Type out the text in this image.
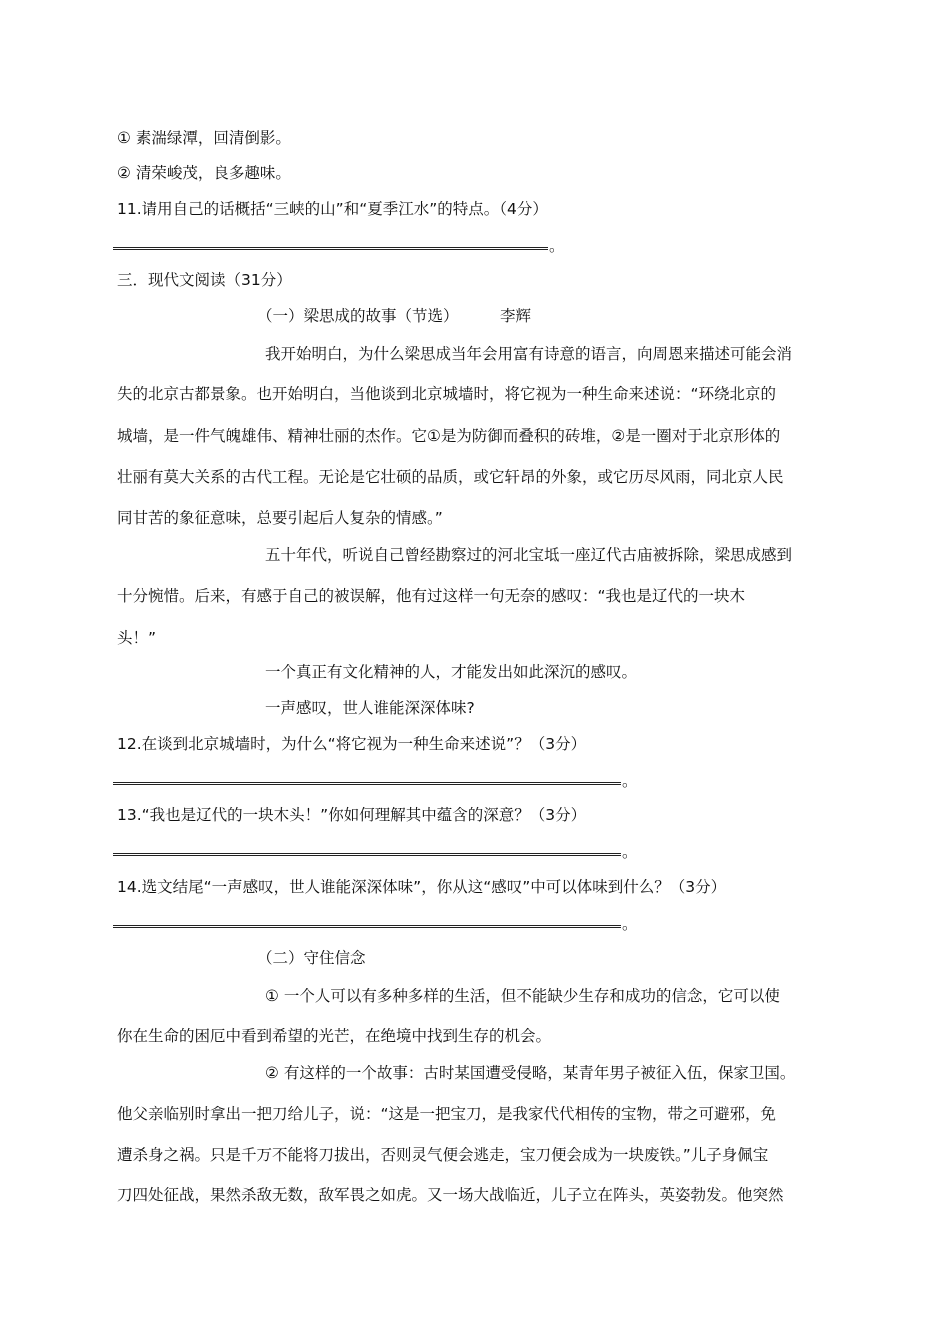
① 素湍绿潭，回清倒影。
② 清荣峻茂，良多趣味。
11.请用自己的话概括“三峡的山”和“夏季江水”的特点。（4分）
。
三．现代文阅读（31分）
（一）梁思成的故事（节选）	李辉
我开始明白，为什么梁思成当年会用富有诗意的语言，向周恩来描述可能会消
失的北京古都景象。也开始明白，当他谈到北京城墙时，将它视为一种生命来述说：“环绕北京的
城墙，是一件气魄雄伟、精神壮丽的杰作。它①是为防御而叠积的砖堆，②是一圈对于北京形体的
壮丽有莫大关系的古代工程。无论是它壮硕的品质，或它轩昂的外象，或它历尽风雨，同北京人民
同甘苦的象征意味，总要引起后人复杂的情感。”
五十年代，听说自己曾经勘察过的河北宝坻一座辽代古庙被拆除，梁思成感到
十分惋惜。后来，有感于自己的被误解，他有过这样一句无奈的感叹：“我也是辽代的一块木
头！”
一个真正有文化精神的人，才能发出如此深沉的感叹。
一声感叹，世人谁能深深体味?
12.在谈到北京城墙时，为什么“将它视为一种生命来述说”？（3分）
。
13.“我也是辽代的一块木头！”你如何理解其中蕴含的深意？（3分）
。
14.选文结尾“一声感叹，世人谁能深深体味”，你从这“感叹”中可以体味到什么？（3分）
。
（二）守住信念
① 一个人可以有多种多样的生活，但不能缺少生存和成功的信念，它可以使
你在生命的困厄中看到希望的光芒，在绝境中找到生存的机会。
② 有这样的一个故事：古时某国遭受侵略，某青年男子被征入伍，保家卫国。
他父亲临别时拿出一把刀给儿子，说：“这是一把宝刀，是我家代代相传的宝物，带之可避邪，免
遭杀身之祸。只是千万不能将刀拔出，否则灵气便会逃走，宝刀便会成为一块废铁。”儿子身佩宝
刀四处征战，果然杀敌无数，敌军畏之如虎。又一场大战临近，儿子立在阵头，英姿勃发。他突然
